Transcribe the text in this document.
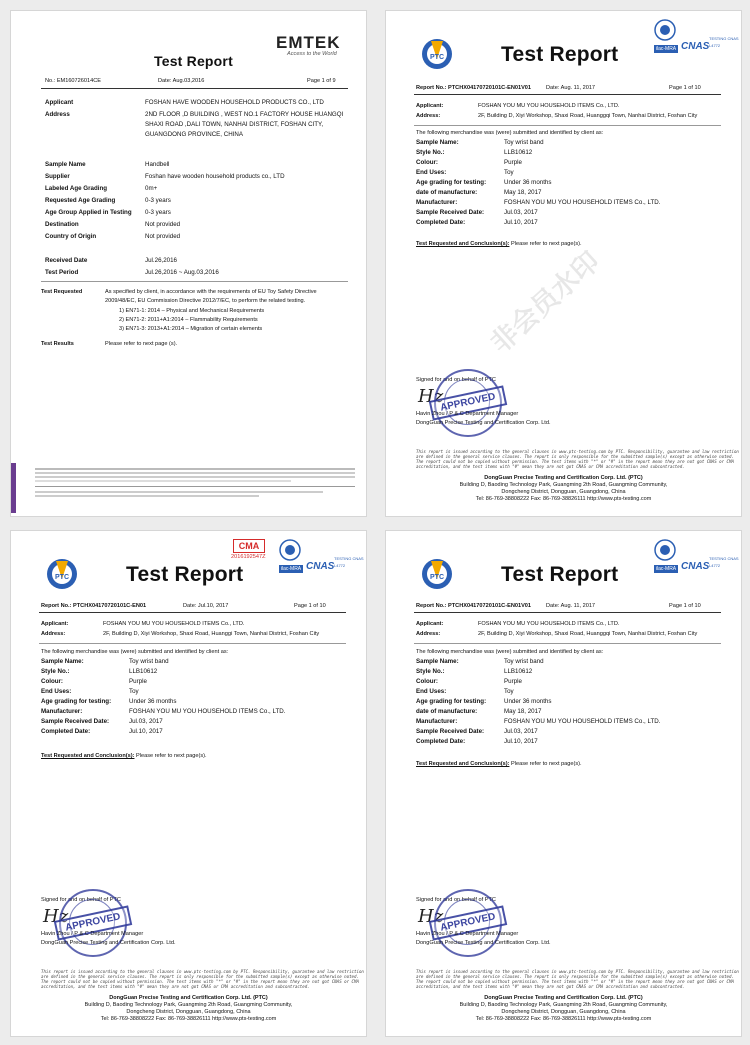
EMTEK
Access to the World
Test Report
No.: EM160726014CE	Date: Aug.03,2016	Page 1 of 9
Applicant	FOSHAN HAVE WOODEN HOUSEHOLD PRODUCTS CO., LTD
Address	2ND FLOOR ,D BUILDING , WEST NO.1 FACTORY HOUSE HUANGQI
SHAXI ROAD ,DALI TOWN, NANHAI DISTRICT, FOSHAN CITY,
GUANGDONG PROVINCE, CHINA
Sample Name	Handbell
Supplier	Foshan have wooden household products co., LTD
Labeled Age Grading	0m+
Requested Age Grading	0-3 years
Age Group Applied in Testing 0-3 years
Destination	Not provided
Country of Origin	Not provided
Received Date	Jul.26,2016
Test Period	Jul.26,2016 ~ Aug.03,2016
Test Requested	As specified by client, in accordance with the requirements of EU Toy Safety Directive
2009/48/EC, EU Commission Directive 2012/7/EC, to perform the related testing.
1) EN71-1: 2014 – Physical and Mechanical Requirements
2) EN71-2: 2011+A1:2014 – Flammability Requirements
3) EN71-3: 2013+A1:2014 – Migration of certain elements
Test Results	Please refer to next page (s).
PTC	Test Report	ilac-MRA CNAS
TESTING CNAS L4772
Report No.: PTCHX04170720101C-EN01V01	Date: Aug. 11, 2017	Page 1 of 10
Applicant:	FOSHAN YOU MU YOU HOUSEHOLD ITEMS Co., LTD.
Address:	2F, Building D, Xiyi Workshop, Shaxi Road, Huanggqi Town, Nanhai District, Foshan City
The following merchandise was (were) submitted and identified by client as:
Sample Name:	Toy wrist band
Style No.:	LLB10612
Colour:	Purple
End Uses:	Toy
Age grading for testing:	Under 36 months
date of manufacture:	May 18, 2017
Manufacturer:	FOSHAN YOU MU YOU HOUSEHOLD ITEMS Co., LTD.
Sample Received Date:	Jul.03, 2017
Completed Date:	Jul.10, 2017
Test Requested and Conclusion(s): Please refer to next page(s).
非会员水印
Signed for and on behalf of PTC
Hz
APPROVED
Havin Zhou / P & C Department Manager
DongGuan Precise Testing and Certification Corp. Ltd.
This report is issued according to the general clauses in www.ptc-testing.com by PTC. Responsibility, guarantee and law restriction
are defined in the general service clauses. The report is only responsible for the submitted sample(s) except as otherwise noted.
The report could not be copied without permission. The test items with "*" or "#" in the report mean they are not got CNAS or CMA
accreditation, and the test items with "#" mean they are not got CNAS or CMA accreditation and subcontracted.
DongGuan Precise Testing and Certification Corp. Ltd. (PTC)
Building D, Baoding Technology Park, Guangming 2th Road, Guangming Community,
Dongcheng District, Dongguan, Guangdong, China
Tel: 86-769-38808222 Fax: 86-769-38826111 http://www.pts-testing.com
PTC	Test Report
CMA
2016192547Z
ilac-MRA CNAS
TESTING CNAS L4772
Report No.: PTCHX04170720101C-EN01	Date: Jul.10, 2017	Page 1 of 10
Applicant:	FOSHAN YOU MU YOU HOUSEHOLD ITEMS Co., LTD.
Address:	2F, Building D, Xiyi Workshop, Shaxi Road, Huanggi Town, Nanhai District, Foshan City
The following merchandise was (were) submitted and identified by client as:
Sample Name:	Toy wrist band
Style No.:	LLB10612
Colour:	Purple
End Uses:	Toy
Age grading for testing:	Under 36 months
Manufacturer:	FOSHAN YOU MU YOU HOUSEHOLD ITEMS Co., LTD.
Sample Received Date:	Jul.03, 2017
Completed Date:	Jul.10, 2017
Test Requested and Conclusion(s): Please refer to next page(s).
Signed for and on behalf of PTC
Hz
APPROVED
Havin Zhou / P & C Department Manager
DongGuan Precise Testing and Certification Corp. Ltd.
This report is issued according to the general clauses in www.ptc-testing.com by PTC. Responsibility, guarantee and law restriction
are defined in the general service clauses. The report is only responsible for the submitted sample(s) except as otherwise noted.
The report could not be copied without permission. The test items with "*" or "#" in the report mean they are not got CNAS or CMA
accreditation, and the test items with "#" mean they are not got CNAS or CMA accreditation and subcontracted.
DongGuan Precise Testing and Certification Corp. Ltd. (PTC)
Building D, Baoding Technology Park, Guangming 2th Road, Guangming Community,
Dongcheng District, Dongguan, Guangdong, China
Tel: 86-769-38808222 Fax: 86-769-38826111 http://www.pts-testing.com
PTC	Test Report	ilac-MRA CNAS
TESTING CNAS L4772
Report No.: PTCHX04170720101C-EN01V01	Date: Aug. 11, 2017	Page 1 of 10
Applicant:	FOSHAN YOU MU YOU HOUSEHOLD ITEMS Co., LTD.
Address:	2F, Building D, Xiyi Workshop, Shaxi Road, Huanggqi Town, Nanhai District, Foshan City
The following merchandise was (were) submitted and identified by client as:
Sample Name:	Toy wrist band
Style No.:	LLB10612
Colour:	Purple
End Uses:	Toy
Age grading for testing:	Under 36 months
date of manufacture:	May 18, 2017
Manufacturer:	FOSHAN YOU MU YOU HOUSEHOLD ITEMS Co., LTD.
Sample Received Date:	Jul.03, 2017
Completed Date:	Jul.10, 2017
Test Requested and Conclusion(s): Please refer to next page(s).
Signed for and on behalf of PTC
Hz
APPROVED
Havin Zhou / P & C Department Manager
DongGuan Precise Testing and Certification Corp. Ltd.
This report is issued according to the general clauses in www.ptc-testing.com by PTC. Responsibility, guarantee and law restriction
are defined in the general service clauses. The report is only responsible for the submitted sample(s) except as otherwise noted.
The report could not be copied without permission. The test items with "*" or "#" in the report mean they are not got CNAS or CMA
accreditation, and the test items with "#" mean they are not got CNAS or CMA accreditation and subcontracted.
DongGuan Precise Testing and Certification Corp. Ltd. (PTC)
Building D, Baoding Technology Park, Guangming 2th Road, Guangming Community,
Dongcheng District, Dongguan, Guangdong, China
Tel: 86-769-38808222 Fax: 86-769-38826111 http://www.pts-testing.com
